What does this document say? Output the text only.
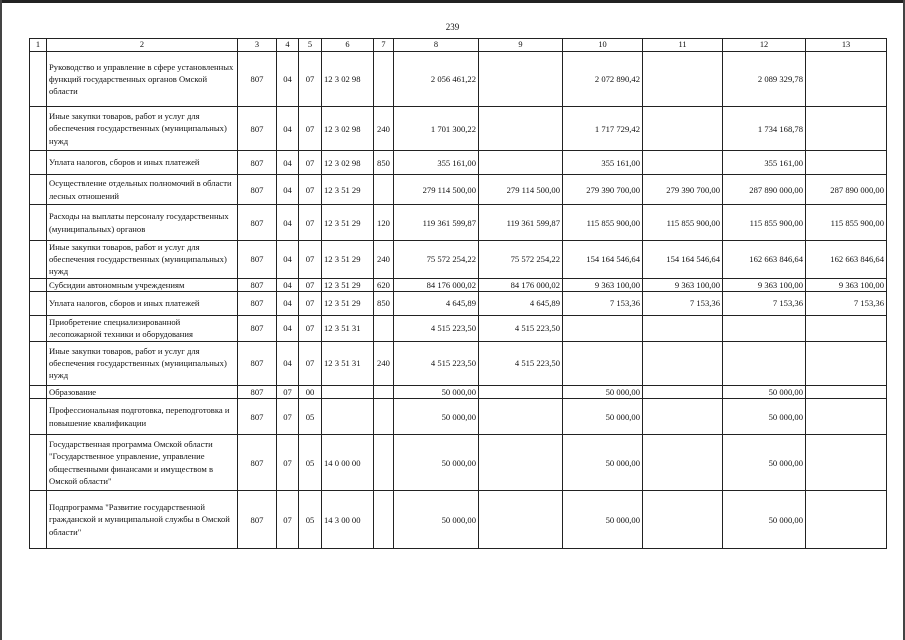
239
1	2	3	4	5	6	7	8	9	10	11	12	13
	Руководство и управление в сфере установленных функций государственных органов Омской области	807	04	07	12 3 02 98		2 056 461,22		2 072 890,42		2 089 329,78	
	Иные закупки товаров, работ и услуг для обеспечения государственных (муниципальных) нужд	807	04	07	12 3 02 98	240	1 701 300,22		1 717 729,42		1 734 168,78	
	Уплата налогов, сборов и иных платежей	807	04	07	12 3 02 98	850	355 161,00		355 161,00		355 161,00	
	Осуществление отдельных полномочий в области лесных отношений	807	04	07	12 3 51 29		279 114 500,00	279 114 500,00	279 390 700,00	279 390 700,00	287 890 000,00	287 890 000,00
	Расходы на выплаты персоналу государственных (муниципальных) органов	807	04	07	12 3 51 29	120	119 361 599,87	119 361 599,87	115 855 900,00	115 855 900,00	115 855 900,00	115 855 900,00
	Иные закупки товаров, работ и услуг для обеспечения государственных (муниципальных) нужд	807	04	07	12 3 51 29	240	75 572 254,22	75 572 254,22	154 164 546,64	154 164 546,64	162 663 846,64	162 663 846,64
	Субсидии автономным учреждениям	807	04	07	12 3 51 29	620	84 176 000,02	84 176 000,02	9 363 100,00	9 363 100,00	9 363 100,00	9 363 100,00
	Уплата налогов, сборов и иных платежей	807	04	07	12 3 51 29	850	4 645,89	4 645,89	7 153,36	7 153,36	7 153,36	7 153,36
	Приобретение специализированной лесопожарной техники и оборудования	807	04	07	12 3 51 31		4 515 223,50	4 515 223,50				
	Иные закупки товаров, работ и услуг для обеспечения государственных (муниципальных) нужд	807	04	07	12 3 51 31	240	4 515 223,50	4 515 223,50				
	Образование	807	07	00			50 000,00		50 000,00		50 000,00	
	Профессиональная подготовка, переподготовка и повышение квалификации	807	07	05			50 000,00		50 000,00		50 000,00	
	Государственная программа Омской области "Государственное управление, управление общественными финансами и имуществом в Омской области"	807	07	05	14 0 00 00		50 000,00		50 000,00		50 000,00	
	Подпрограмма "Развитие государственной гражданской и муниципальной службы в Омской области"	807	07	05	14 3 00 00		50 000,00		50 000,00		50 000,00	
